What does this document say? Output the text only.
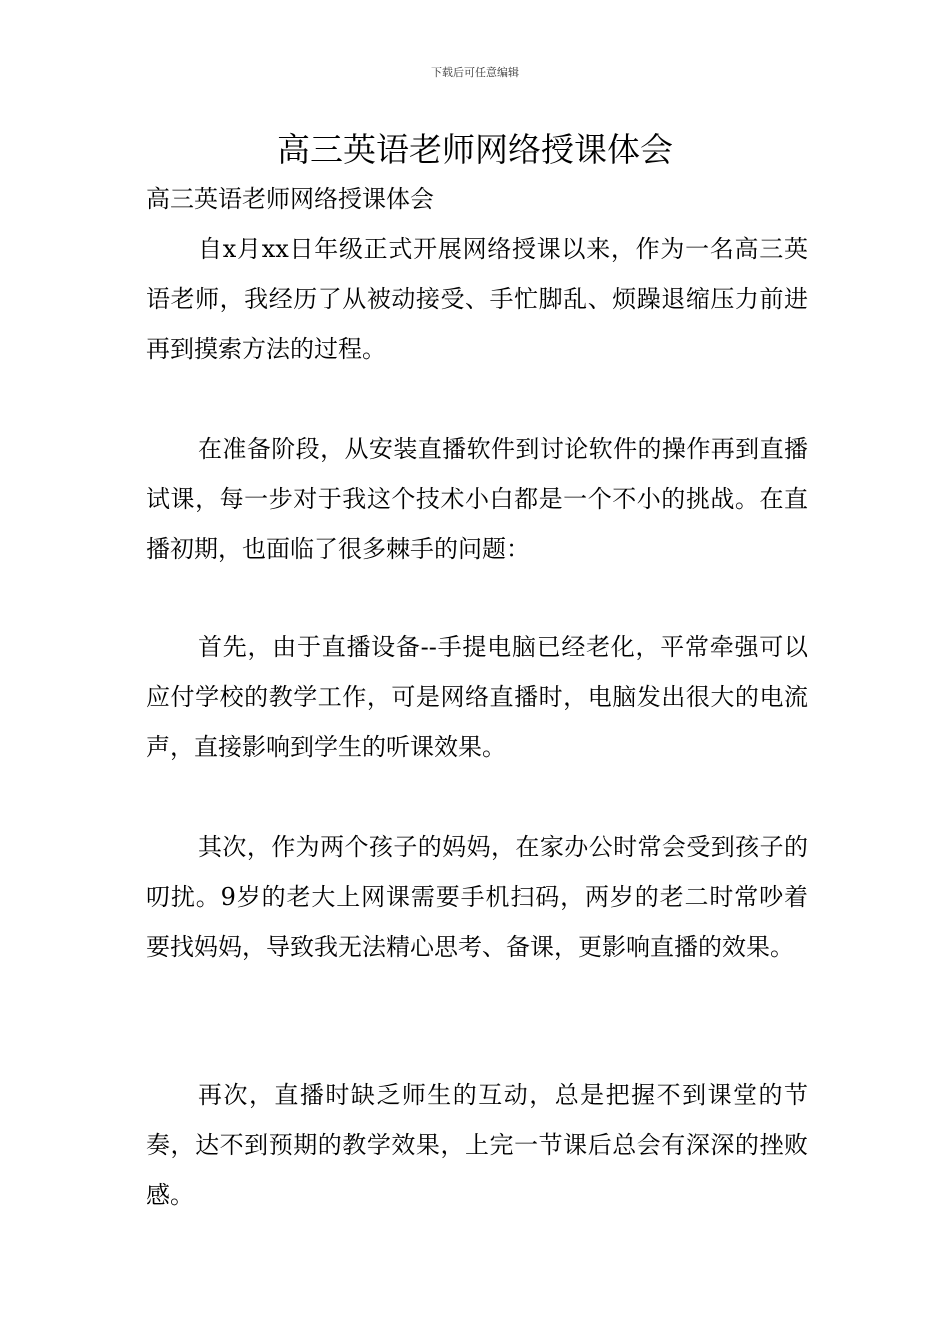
下载后可任意编辑
高三英语老师网络授课体会
高三英语老师网络授课体会

自x月xx日年级正式开展网络授课以来，作为一名高三英语老师，我经历了从被动接受、手忙脚乱、烦躁退缩压力前进再到摸索方法的过程。

在准备阶段，从安装直播软件到讨论软件的操作再到直播试课，每一步对于我这个技术小白都是一个不小的挑战。在直播初期，也面临了很多棘手的问题：

首先，由于直播设备--手提电脑已经老化，平常牵强可以应付学校的教学工作，可是网络直播时，电脑发出很大的电流声，直接影响到学生的听课效果。

其次，作为两个孩子的妈妈，在家办公时常会受到孩子的叨扰。9岁的老大上网课需要手机扫码，两岁的老二时常吵着要找妈妈，导致我无法精心思考、备课，更影响直播的效果。

再次，直播时缺乏师生的互动，总是把握不到课堂的节奏，达不到预期的教学效果，上完一节课后总会有深深的挫败感。
